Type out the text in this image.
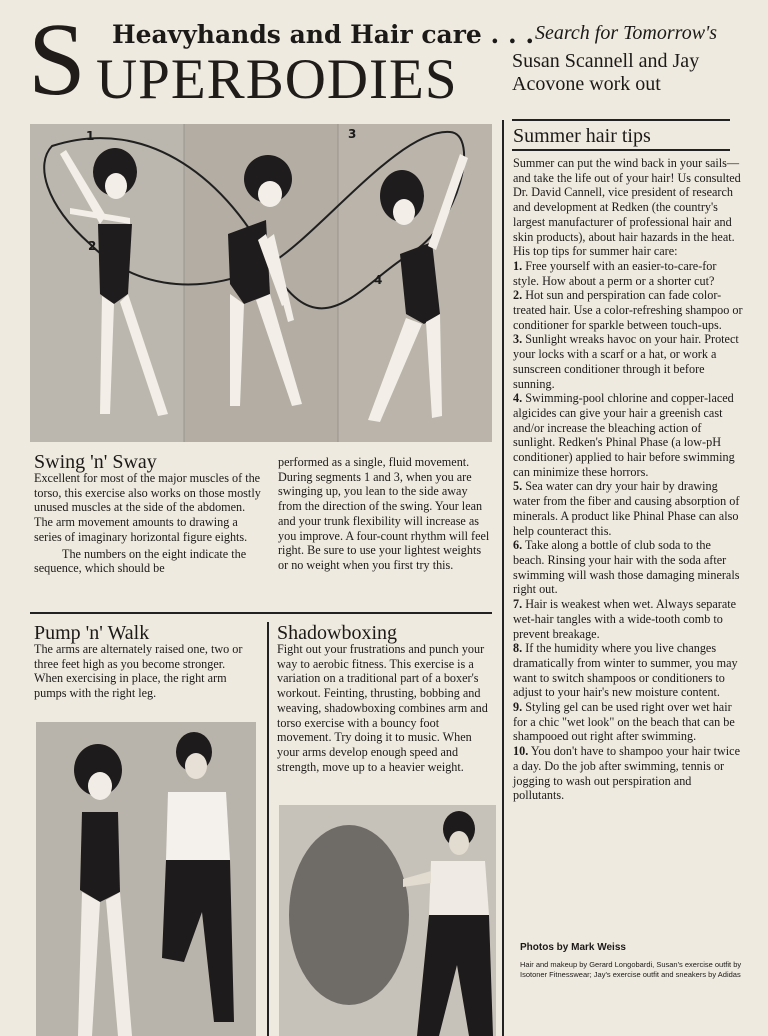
S Heavyhands and Hair care . . . Search for Tomorrow's
UPERBODIES	Susan Scannell and Jay Acovone work out
1
2
3
4
Swing 'n' Sway
Excellent for most of the major muscles of the torso, this exercise also works on those mostly unused muscles at the side of the abdomen. The arm movement amounts to drawing a series of imaginary horizontal figure eights.
The numbers on the eight indicate the sequence, which should be
performed as a single, fluid movement. During segments 1 and 3, when you are swinging up, you lean to the side away from the direction of the swing. Your lean and your trunk flexibility will increase as you improve. A four-count rhythm will feel right. Be sure to use your lightest weights or no weight when you first try this.
Pump 'n' Walk
The arms are alternately raised one, two or three feet high as you become stronger. When exercising in place, the right arm pumps with the right leg.
Shadowboxing
Fight out your frustrations and punch your way to aerobic fitness. This exercise is a variation on a traditional part of a boxer's workout. Feinting, thrusting, bobbing and weaving, shadowboxing combines arm and torso exercise with a bouncy foot movement. Try doing it to music. When your arms develop enough speed and strength, move up to a heavier weight.
Summer hair tips

Summer can put the wind back in your sails—and take the life out of your hair! Us consulted Dr. David Cannell, vice president of research and development at Redken (the country's largest manufacturer of professional hair and skin products), about hair hazards in the heat. His top tips for summer hair care:

1. Free yourself with an easier-to-care-for style. How about a perm or a shorter cut?

2. Hot sun and perspiration can fade color-treated hair. Use a color-refreshing shampoo or conditioner for sparkle between touch-ups.

3. Sunlight wreaks havoc on your hair. Protect your locks with a scarf or a hat, or work a sunscreen conditioner through it before sunning.

4. Swimming-pool chlorine and copper-laced algicides can give your hair a greenish cast and/or increase the bleaching action of sunlight. Redken's Phinal Phase (a low-pH conditioner) applied to hair before swimming can minimize these horrors.

5. Sea water can dry your hair by drawing water from the fiber and causing absorption of minerals. A product like Phinal Phase can also help counteract this.

6. Take along a bottle of club soda to the beach. Rinsing your hair with the soda after swimming will wash those damaging minerals right out.

7. Hair is weakest when wet. Always separate wet-hair tangles with a wide-tooth comb to prevent breakage.

8. If the humidity where you live changes dramatically from winter to summer, you may want to switch shampoos or conditioners to adjust to your hair's new moisture content.

9. Styling gel can be used right over wet hair for a chic "wet look" on the beach that can be shampooed out right after swimming.

10. You don't have to shampoo your hair twice a day. Do the job after swimming, tennis or jogging to wash out perspiration and pollutants.

Photos by Mark Weiss
Hair and makeup by Gerard Longobardi, Susan's exercise outfit by Isotoner Fitnesswear; Jay's exercise outfit and sneakers by Adidas
